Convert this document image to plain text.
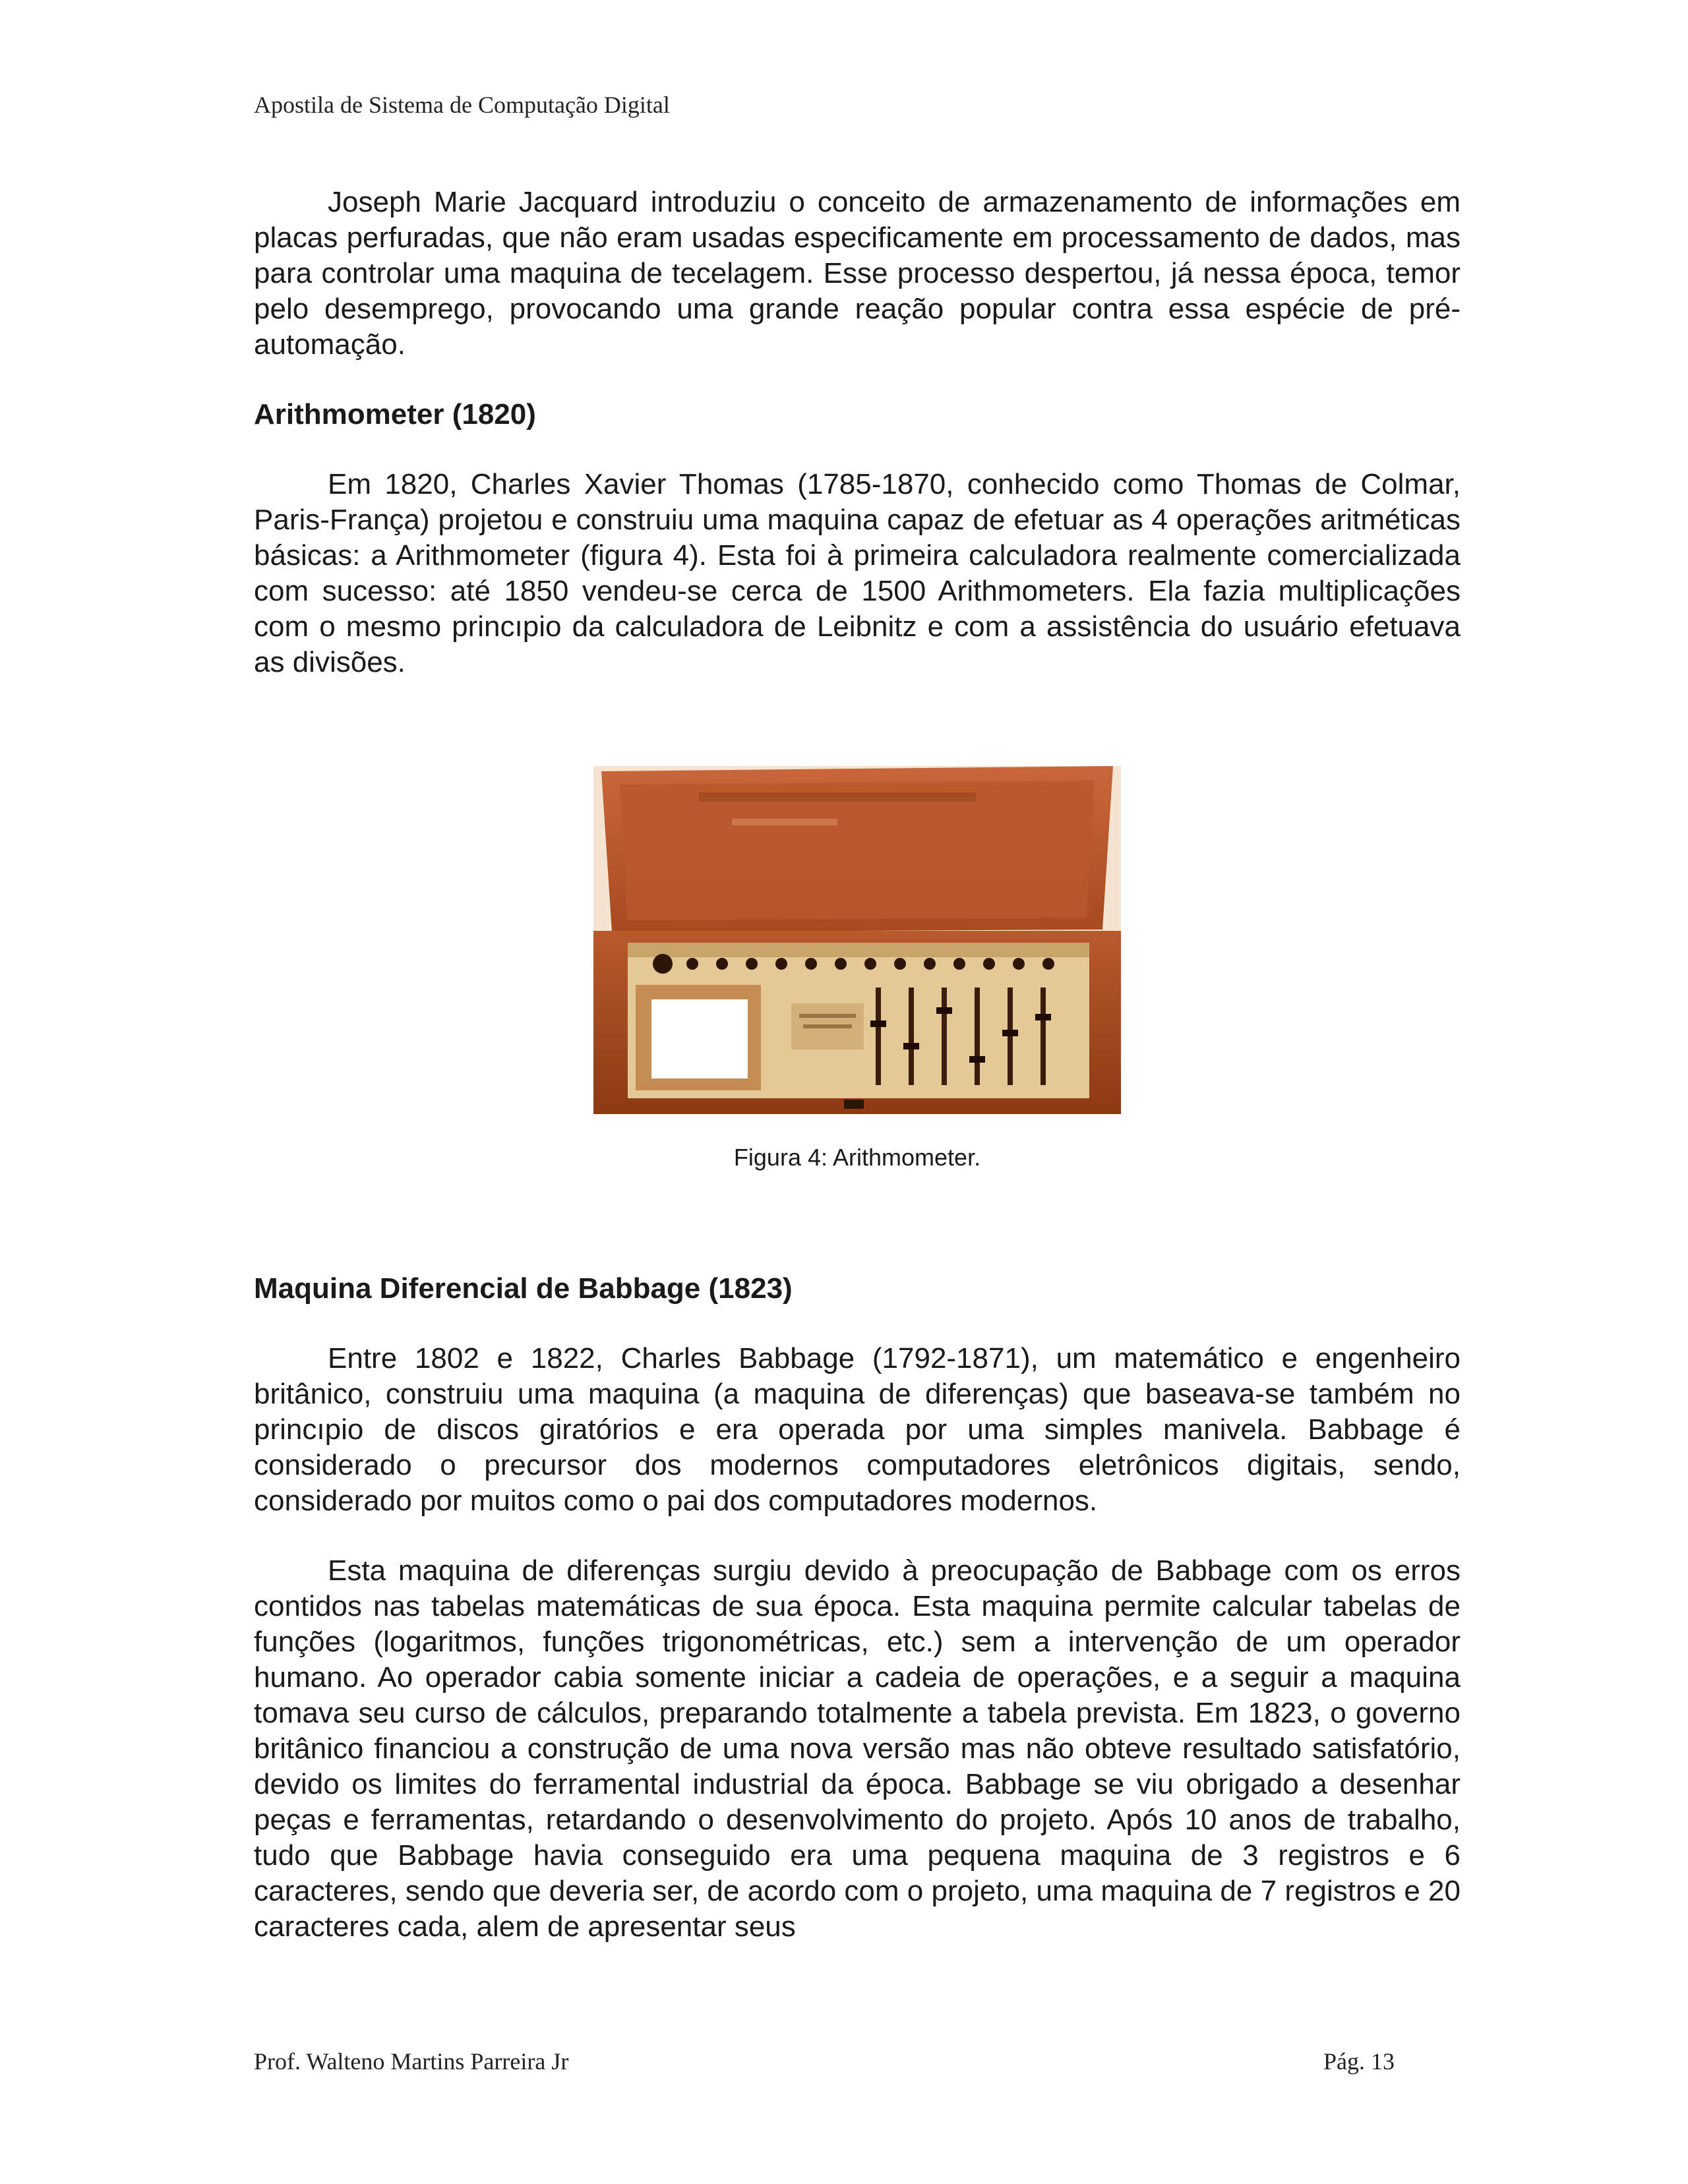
Apostila de Sistema de Computação Digital

Joseph Marie Jacquard introduziu o conceito de armazenamento de informações em placas perfuradas, que não eram usadas especificamente em processamento de dados, mas para controlar uma maquina de tecelagem. Esse processo despertou, já nessa época, temor pelo desemprego, provocando uma grande reação popular contra essa espécie de pré-automação.

Arithmometer (1820)

Em 1820, Charles Xavier Thomas (1785-1870, conhecido como Thomas de Colmar, Paris-França) projetou e construiu uma maquina capaz de efetuar as 4 operações aritméticas básicas: a Arithmometer (figura 4). Esta foi à primeira calculadora realmente comercializada com sucesso: até 1850 vendeu-se cerca de 1500 Arithmometers. Ela fazia multiplicações com o mesmo princıpio da calculadora de Leibnitz e com a assistência do usuário efetuava as divisões.

Figura 4: Arithmometer.
Maquina Diferencial de Babbage (1823)

Entre 1802 e 1822, Charles Babbage (1792-1871), um matemático e engenheiro britânico, construiu uma maquina (a maquina de diferenças) que baseava-se também no princıpio de discos giratórios e era operada por uma simples manivela. Babbage é considerado o precursor dos modernos computadores eletrônicos digitais, sendo, considerado por muitos como o pai dos computadores modernos.

Esta maquina de diferenças surgiu devido à preocupação de Babbage com os erros contidos nas tabelas matemáticas de sua época. Esta maquina permite calcular tabelas de funções (logaritmos, funções trigonométricas, etc.) sem a intervenção de um operador humano. Ao operador cabia somente iniciar a cadeia de operações, e a seguir a maquina tomava seu curso de cálculos, preparando totalmente a tabela prevista. Em 1823, o governo britânico financiou a construção de uma nova versão mas não obteve resultado satisfatório, devido os limites do ferramental industrial da época. Babbage se viu obrigado a desenhar peças e ferramentas, retardando o desenvolvimento do projeto. Após 10 anos de trabalho, tudo que Babbage havia conseguido era uma pequena maquina de 3 registros e 6 caracteres, sendo que deveria ser, de acordo com o projeto, uma maquina de 7 registros e 20 caracteres cada, alem de apresentar seus

Prof. Walteno Martins Parreira Jr	Pág. 13
